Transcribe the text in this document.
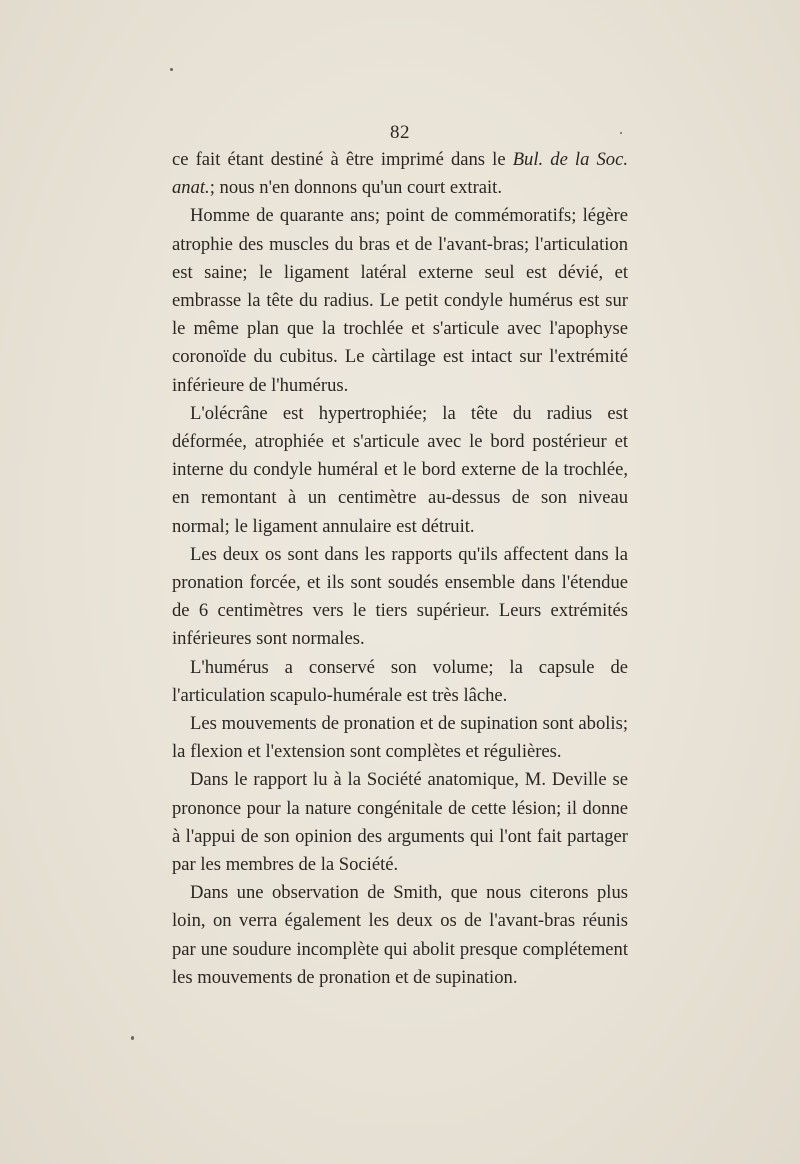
82

ce fait étant destiné à être imprimé dans le Bul. de la Soc. anat.; nous n'en donnons qu'un court extrait.

Homme de quarante ans; point de commémoratifs; légère atrophie des muscles du bras et de l'avant-bras; l'articulation est saine; le ligament latéral externe seul est dévié, et embrasse la tête du radius. Le petit condyle humérus est sur le même plan que la trochlée et s'articule avec l'apophyse coronoïde du cubitus. Le càrtilage est intact sur l'extrémité inférieure de l'humérus.

L'olécrâne est hypertrophiée; la tête du radius est déformée, atrophiée et s'articule avec le bord postérieur et interne du condyle huméral et le bord externe de la trochlée, en remontant à un centimètre au-dessus de son niveau normal; le ligament annulaire est détruit.

Les deux os sont dans les rapports qu'ils affectent dans la pronation forcée, et ils sont soudés ensemble dans l'étendue de 6 centimètres vers le tiers supérieur. Leurs extrémités inférieures sont normales.

L'humérus a conservé son volume; la capsule de l'articulation scapulo-humérale est très lâche.

Les mouvements de pronation et de supination sont abolis; la flexion et l'extension sont complètes et régulières.

Dans le rapport lu à la Société anatomique, M. Deville se prononce pour la nature congénitale de cette lésion; il donne à l'appui de son opinion des arguments qui l'ont fait partager par les membres de la Société.

Dans une observation de Smith, que nous citerons plus loin, on verra également les deux os de l'avant-bras réunis par une soudure incomplète qui abolit presque complétement les mouvements de pronation et de supination.
